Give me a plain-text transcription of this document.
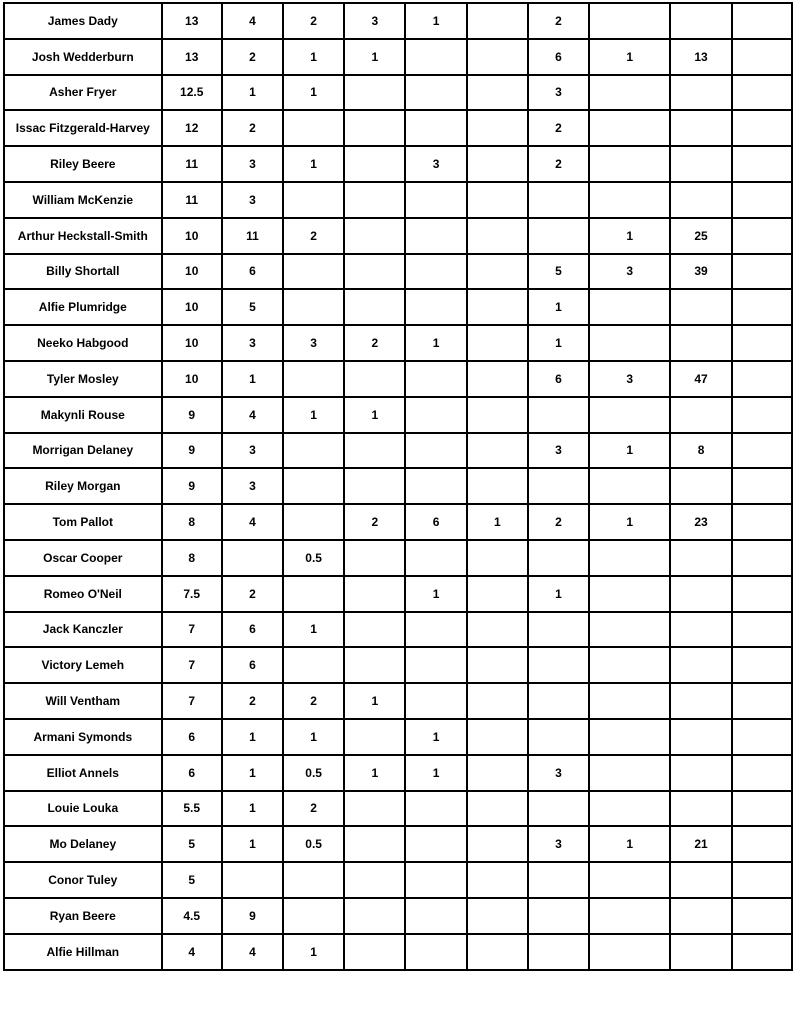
James Dady	13	4	2	3	1		2			
Josh Wedderburn	13	2	1	1			6	1	13	
Asher Fryer	12.5	1	1				3			
Issac Fitzgerald-Harvey	12	2					2			
Riley Beere	11	3	1		3		2			
William McKenzie	11	3								
Arthur Heckstall-Smith	10	11	2					1	25	
Billy Shortall	10	6					5	3	39	
Alfie Plumridge	10	5					1			
Neeko Habgood	10	3	3	2	1		1			
Tyler Mosley	10	1					6	3	47	
Makynli Rouse	9	4	1	1						
Morrigan Delaney	9	3					3	1	8	
Riley Morgan	9	3								
Tom Pallot	8	4		2	6	1	2	1	23	
Oscar Cooper	8		0.5							
Romeo O'Neil	7.5	2			1		1			
Jack Kanczler	7	6	1							
Victory Lemeh	7	6								
Will Ventham	7	2	2	1						
Armani Symonds	6	1	1		1					
Elliot Annels	6	1	0.5	1	1		3			
Louie Louka	5.5	1	2							
Mo Delaney	5	1	0.5				3	1	21	
Conor Tuley	5									
Ryan Beere	4.5	9								
Alfie Hillman	4	4	1							
